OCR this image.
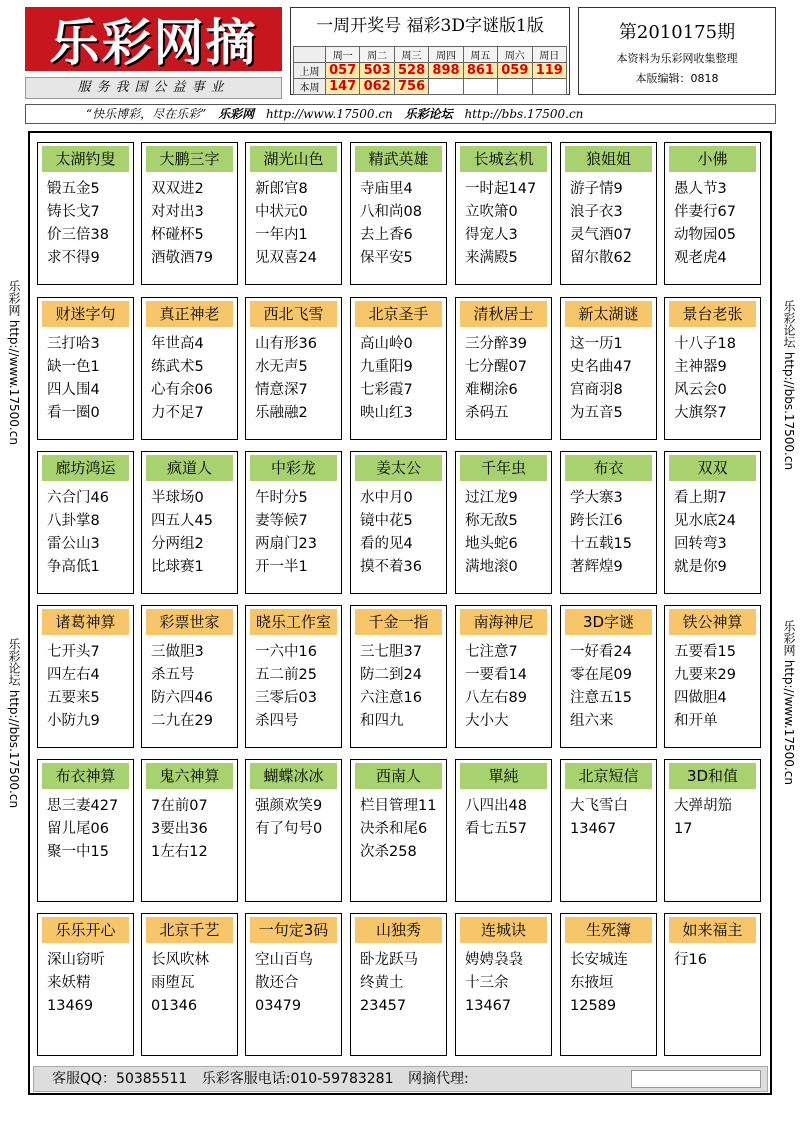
乐彩网摘
服务我国公益事业
一周开奖号 福彩3D字谜版1版
	周一	周二	周三	周四	周五	周六	周日
上周	057	503	528	898	861	059	119
本周	147	062	756				
第2010175期
本资料为乐彩网收集整理
本版编辑：0818
“快乐博彩，尽在乐彩” 乐彩网 http://www.17500.cn 乐彩论坛 http://bbs.17500.cn
乐彩网 http://www.17500.cn
乐彩论坛 http://bbs.17500.cn
乐彩论坛 http://bbs.17500.cn
乐彩网 http://www.17500.cn
太湖钓叟
锻五金5
铸长戈7
价三倍38
求不得9
大鹏三字
双双进2
对对出3
杯碰杯5
酒敬酒79
湖光山色
新郎官8
中状元0
一年内1
见双喜24
精武英雄
寺庙里4
八和尚08
去上香6
保平安5
长城玄机
一时起147
立吹箫0
得宠人3
来满殿5
狼姐姐
游子情9
浪子衣3
灵气酒07
留尔散62
小佛
愚人节3
伴妻行67
动物园05
观老虎4
财迷字句
三打哈3
缺一色1
四人围4
看一圈0
真正神老
年世高4
练武术5
心有余06
力不足7
西北飞雪
山有形36
水无声5
情意深7
乐融融2
北京圣手
高山岭0
九重阳9
七彩霞7
映山红3
清秋居士
三分醉39
七分醒07
难糊涂6
杀码五
新太湖谜
这一历1
史名曲47
宫商羽8
为五音5
景台老张
十八子18
主神器9
风云会0
大旗祭7
廊坊鸿运
六合门46
八卦掌8
雷公山3
争高低1
疯道人
半球场0
四五人45
分两组2
比球赛1
中彩龙
午时分5
妻等候7
两扇门23
开一半1
姜太公
水中月0
镜中花5
看的见4
摸不着36
千年虫
过江龙9
称无敌5
地头蛇6
满地滚0
布衣
学大寨3
跨长江6
十五载15
著辉煌9
双双
看上期7
见水底24
回转弯3
就是你9
诸葛神算
七开头7
四左右4
五要来5
小防九9
彩票世家
三做胆3
杀五号
防六四46
二九在29
晓乐工作室
一六中16
五二前25
三零后03
杀四号
千金一指
三七胆37
防二到24
六注意16
和四九
南海神尼
七注意7
一要看14
八左右89
大小大
3D字谜
一好看24
零在尾09
注意五15
组六来
铁公神算
五要看15
九要来29
四做胆4
和开单
布衣神算
思三妻427
留儿尾06
聚一中15
鬼六神算
7在前07
3要出36
1左右12
蝴蝶冰冰
强颜欢笑9
有了句号0
西南人
栏目管理11
决杀和尾6
次杀258
單純
八四出48
看七五57
北京短信
大飞雪白
13467
3D和值
大弹胡笳
17
乐乐开心
深山窃听
来妖精
13469
北京千艺
长风吹林
雨堕瓦
01346
一句定3码
空山百鸟
散还合
03479
山独秀
卧龙跃马
终黄土
23457
连城诀
娉娉袅袅
十三余
13467
生死簿
长安城连
东掖垣
12589
如来福主
行16
客服QQ：50385511 乐彩客服电话:010-59783281 网摘代理:
